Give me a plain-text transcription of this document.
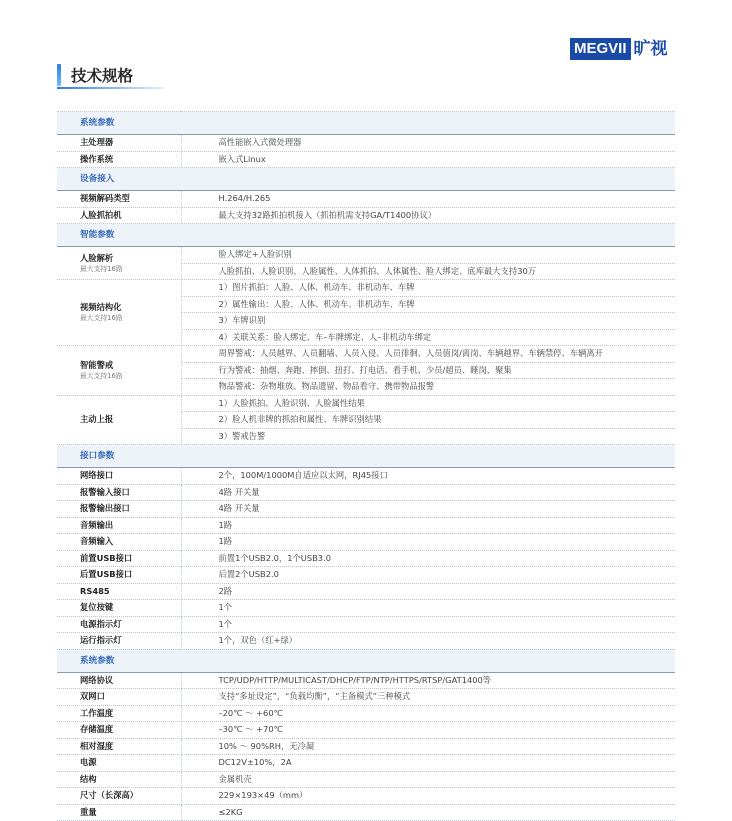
MEGVII 旷视
技术规格
系统参数	
主处理器	高性能嵌入式微处理器
操作系统	嵌入式Linux
设备接入	
视频解码类型	H.264/H.265
人脸抓拍机	最大支持32路抓拍机接入（抓拍机需支持GA/T1400协议）
智能参数	

人脸解析
最大支持16路	脸人绑定+人脸识别
	人脸抓拍、人脸识别、人脸属性、人体抓拍、人体属性、脸人绑定、底库最大支持30万

视频结构化
最大支持16路	1）图片抓拍：人脸、人体、机动车、非机动车、车牌
	2）属性输出：人脸、人体、机动车、非机动车、车牌
	3）车牌识别
	4）关联关系：脸人绑定、车–车牌绑定、人–非机动车绑定

智能警戒
最大支持16路	周界警戒：人员越界、人员翻墙、人员入侵、人员徘徊、人员值岗/离岗、车辆越界、车辆禁停、车辆离开
	行为警戒：抽烟、奔跑、摔倒、扭打、打电话、看手机、少员/超员、睡岗、聚集
	物品警戒：杂物堆放、物品遗留、物品看守、携带物品报警
主动上报	1）人脸抓拍、人脸识别、人脸属性结果
	2）脸人机非牌的抓拍和属性、车牌识别结果
	3）警戒告警
接口参数	
网络接口	2个，100M/1000M自适应以太网，RJ45接口
报警输入接口	4路 开关量
报警输出接口	4路 开关量
音频输出	1路
音频输入	1路
前置USB接口	前置1个USB2.0，1个USB3.0
后置USB接口	后置2个USB2.0
RS485	2路
复位按键	1个
电源指示灯	1个
运行指示灯	1个，双色（红+绿）
系统参数	
网络协议	TCP/UDP/HTTP/MULTICAST/DHCP/FTP/NTP/HTTPS/RTSP/GAT1400等
双网口	支持“多址设定”，“负载均衡”，“主备模式”三种模式
工作温度	–20℃ ～ +60℃
存储温度	–30℃ ～ +70℃
相对湿度	10% ～ 90%RH，无冷凝
电源	DC12V±10%，2A
结构	金属机壳
尺寸（长深高）	229×193×49（mm）
重量	≤2KG
